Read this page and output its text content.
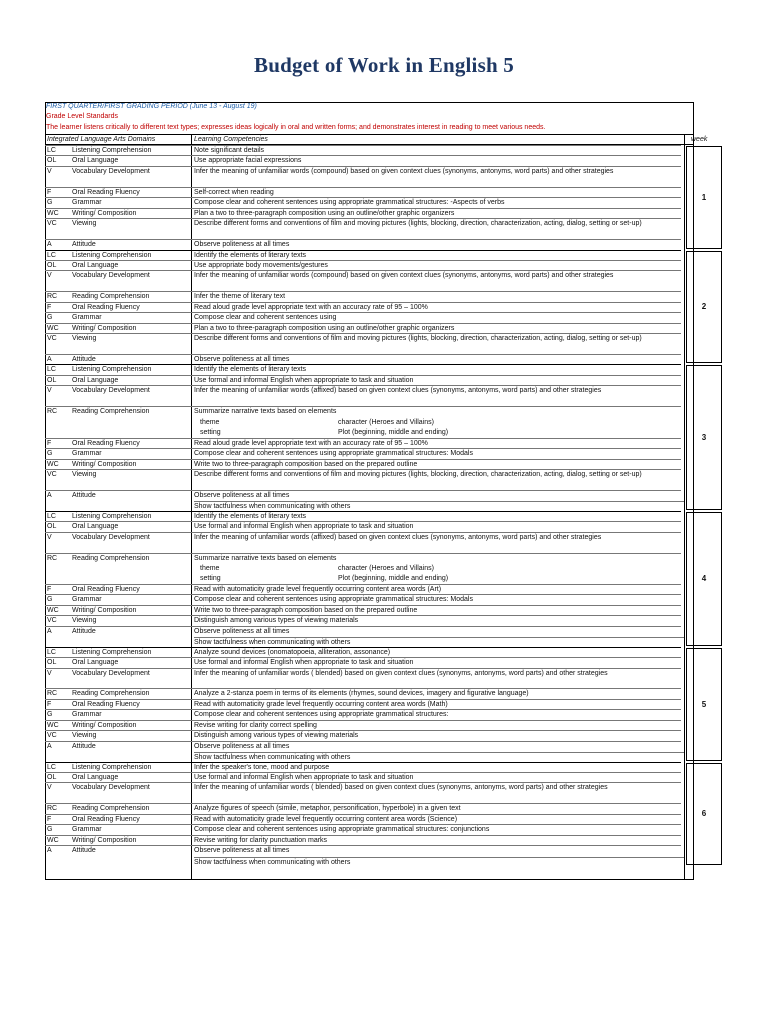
Budget of Work in English 5
FIRST QUARTER/FIRST GRADING PERIOD (June 13 - August 19)
Grade Level Standards
The learner listens critically to different text types; expresses ideas logically in oral and written forms; and demonstrates interest in reading to meet various needs.
Integrated Language Arts Domains	Learning Competencies	week
LC	Listening Comprehension	Note significant details
OL	Oral Language	Use appropriate facial expressions
V	Vocabulary Development	Infer the meaning of unfamiliar words (compound) based on given context clues (synonyms, antonyms, word parts) and other strategies
F	Oral Reading Fluency	Self-correct when reading
G	Grammar	Compose clear and coherent sentences using appropriate grammatical structures: -Aspects of verbs
WC	Writing/ Composition	Plan a two to three-paragraph composition using an outline/other graphic organizers
VC	Viewing	Describe different forms and conventions of film and moving pictures (lights, blocking, direction, characterization, acting, dialog, setting or set-up)
A	Attitude	Observe politeness at all times
1
LC	Listening Comprehension	Identify the elements of literary texts
OL	Oral Language	Use appropriate body movements/gestures
V	Vocabulary Development	Infer the meaning of unfamiliar words (compound) based on given context clues (synonyms, antonyms, word parts) and other strategies
RC	Reading Comprehension	Infer the theme of literary text
F	Oral Reading Fluency	Read aloud grade level appropriate text with an accuracy rate of 95 – 100%
G	Grammar	Compose clear and coherent sentences using
WC	Writing/ Composition	Plan a two to three-paragraph composition using an outline/other graphic organizers
VC	Viewing	Describe different forms and conventions of film and moving pictures (lights, blocking, direction, characterization, acting, dialog, setting or set-up)
A	Attitude	Observe politeness at all times
2
LC	Listening Comprehension	Identify the elements of literary texts
OL	Oral Language	Use formal and informal English when appropriate to task and situation
V	Vocabulary Development	Infer the meaning of unfamiliar words (affixed) based on given context clues (synonyms, antonyms, word parts) and other strategies
RC	Reading Comprehension	Summarize narrative texts based on elements
theme	character (Heroes and Villains)
setting	Plot (beginning, middle and ending)
F	Oral Reading Fluency	Read aloud grade level appropriate text with an accuracy rate of 95 – 100%
G	Grammar	Compose clear and coherent sentences using appropriate grammatical structures: Modals
WC	Writing/ Composition	Write two to three-paragraph composition based on the prepared outline
VC	Viewing	Describe different forms and conventions of film and moving pictures (lights, blocking, direction, characterization, acting, dialog, setting or set-up)
A	Attitude	Observe politeness at all times
Show tactfulness when communicating with others
3
LC	Listening Comprehension	Identify the elements of literary texts
OL	Oral Language	Use formal and informal English when appropriate to task and situation
V	Vocabulary Development	Infer the meaning of unfamiliar words (affixed) based on given context clues (synonyms, antonyms, word parts) and other strategies
RC	Reading Comprehension	Summarize narrative texts based on elements
theme	character (Heroes and Villains)
setting	Plot (beginning, middle and ending)
F	Oral Reading Fluency	Read with automaticity grade level frequently occurring content area words (Art)
G	Grammar	Compose clear and coherent sentences using appropriate grammatical structures: Modals
WC	Writing/ Composition	Write two to three-paragraph composition based on the prepared outline
VC	Viewing	Distinguish among various types of viewing materials
A	Attitude	Observe politeness at all times
Show tactfulness when communicating with others
4
LC	Listening Comprehension	Analyze sound devices (onomatopoeia, alliteration, assonance)
OL	Oral Language	Use formal and informal English when appropriate to task and situation
V	Vocabulary Development	Infer the meaning of unfamiliar words ( blended) based on given context clues (synonyms, antonyms, word parts) and other strategies
RC	Reading Comprehension	Analyze a 2-stanza poem in terms of its elements (rhymes, sound devices, imagery and figurative language)
F	Oral Reading Fluency	Read with automaticity grade level frequently occurring content area words (Math)
G	Grammar	Compose clear and coherent sentences using appropriate grammatical structures:
WC	Writing/ Composition	Revise writing for clarity correct spelling
VC	Viewing	Distinguish among various types of viewing materials
A	Attitude	Observe politeness at all times
Show tactfulness when communicating with others
5
LC	Listening Comprehension	Infer the speaker's tone, mood and purpose
OL	Oral Language	Use formal and informal English when appropriate to task and situation
V	Vocabulary Development	Infer the meaning of unfamiliar words ( blended) based on given context clues (synonyms, antonyms, word parts) and other strategies
RC	Reading Comprehension	Analyze figures of speech (simile, metaphor, personification, hyperbole) in a given text
F	Oral Reading Fluency	Read with automaticity grade level frequently occurring content area words (Science)
G	Grammar	Compose clear and coherent sentences using appropriate grammatical structures: conjunctions
WC	Writing/ Composition	Revise writing for clarity punctuation marks
A	Attitude	Observe politeness at all times
Show tactfulness when communicating with others
6
